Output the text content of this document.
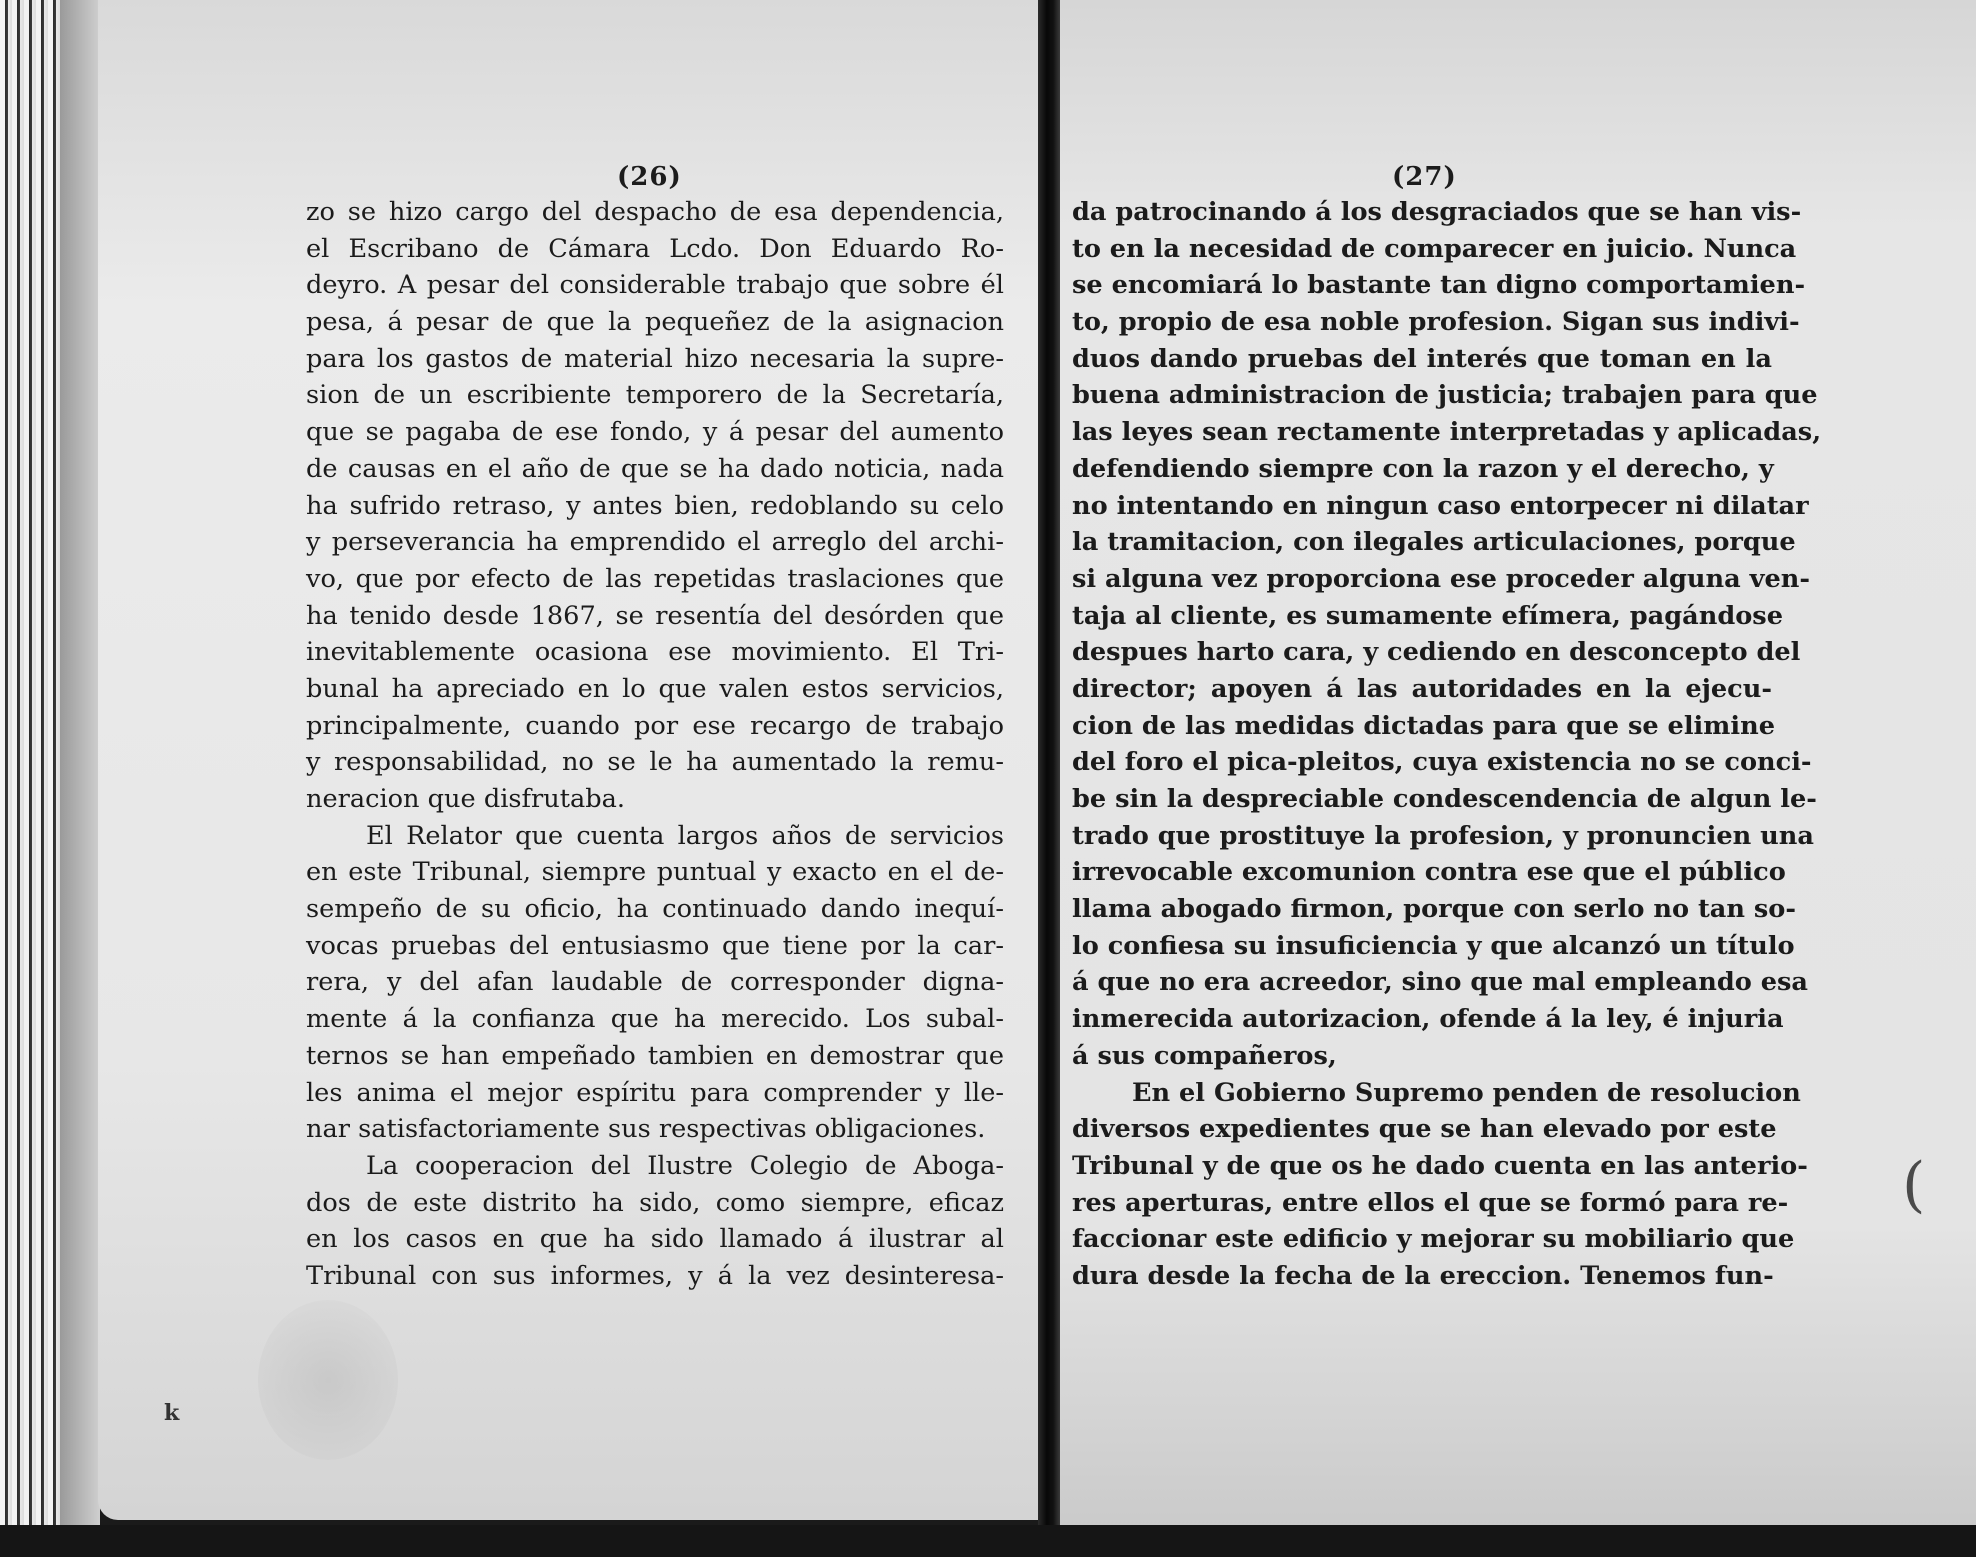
(26)	(27)
zo se hizo cargo del despacho de esa dependencia,
el Escribano de Cámara Lcdo. Don Eduardo Ro-
deyro. A pesar del considerable trabajo que sobre él
pesa, á pesar de que la pequeñez de la asignacion
para los gastos de material hizo necesaria la supre-
sion de un escribiente temporero de la Secretaría,
que se pagaba de ese fondo, y á pesar del aumento
de causas en el año de que se ha dado noticia, nada
ha sufrido retraso, y antes bien, redoblando su celo
y perseverancia ha emprendido el arreglo del archi-
vo, que por efecto de las repetidas traslaciones que
ha tenido desde 1867, se resentía del desórden que
inevitablemente ocasiona ese movimiento. El Tri-
bunal ha apreciado en lo que valen estos servicios,
principalmente, cuando por ese recargo de trabajo
y responsabilidad, no se le ha aumentado la remu-
neracion que disfrutaba.
El Relator que cuenta largos años de servicios
en este Tribunal, siempre puntual y exacto en el de-
sempeño de su oficio, ha continuado dando inequí-
vocas pruebas del entusiasmo que tiene por la car-
rera, y del afan laudable de corresponder digna-
mente á la confianza que ha merecido. Los subal-
ternos se han empeñado tambien en demostrar que
les anima el mejor espíritu para comprender y lle-
nar satisfactoriamente sus respectivas obligaciones.
La cooperacion del Ilustre Colegio de Aboga-
dos de este distrito ha sido, como siempre, eficaz
en los casos en que ha sido llamado á ilustrar al
Tribunal con sus informes, y á la vez desinteresa-
da patrocinando á los desgraciados que se han vis-
to en la necesidad de comparecer en juicio. Nunca
se encomiará lo bastante tan digno comportamien-
to, propio de esa noble profesion. Sigan sus indivi-
duos dando pruebas del interés que toman en la
buena administracion de justicia; trabajen para que
las leyes sean rectamente interpretadas y aplicadas,
defendiendo siempre con la razon y el derecho, y
no intentando en ningun caso entorpecer ni dilatar
la tramitacion, con ilegales articulaciones, porque
si alguna vez proporciona ese proceder alguna ven-
taja al cliente, es sumamente efímera, pagándose
despues harto cara, y cediendo en desconcepto del
director; apoyen á las autoridades en la ejecu-
cion de las medidas dictadas para que se elimine
del foro el pica-pleitos, cuya existencia no se conci-
be sin la despreciable condescendencia de algun le-
trado que prostituye la profesion, y pronuncien una
irrevocable excomunion contra ese que el público
llama abogado firmon, porque con serlo no tan so-
lo confiesa su insuficiencia y que alcanzó un título
á que no era acreedor, sino que mal empleando esa
inmerecida autorizacion, ofende á la ley, é injuria
á sus compañeros,
En el Gobierno Supremo penden de resolucion
diversos expedientes que se han elevado por este
Tribunal y de que os he dado cuenta en las anterio-
res aperturas, entre ellos el que se formó para re-
faccionar este edificio y mejorar su mobiliario que
dura desde la fecha de la ereccion. Tenemos fun-
k
(
